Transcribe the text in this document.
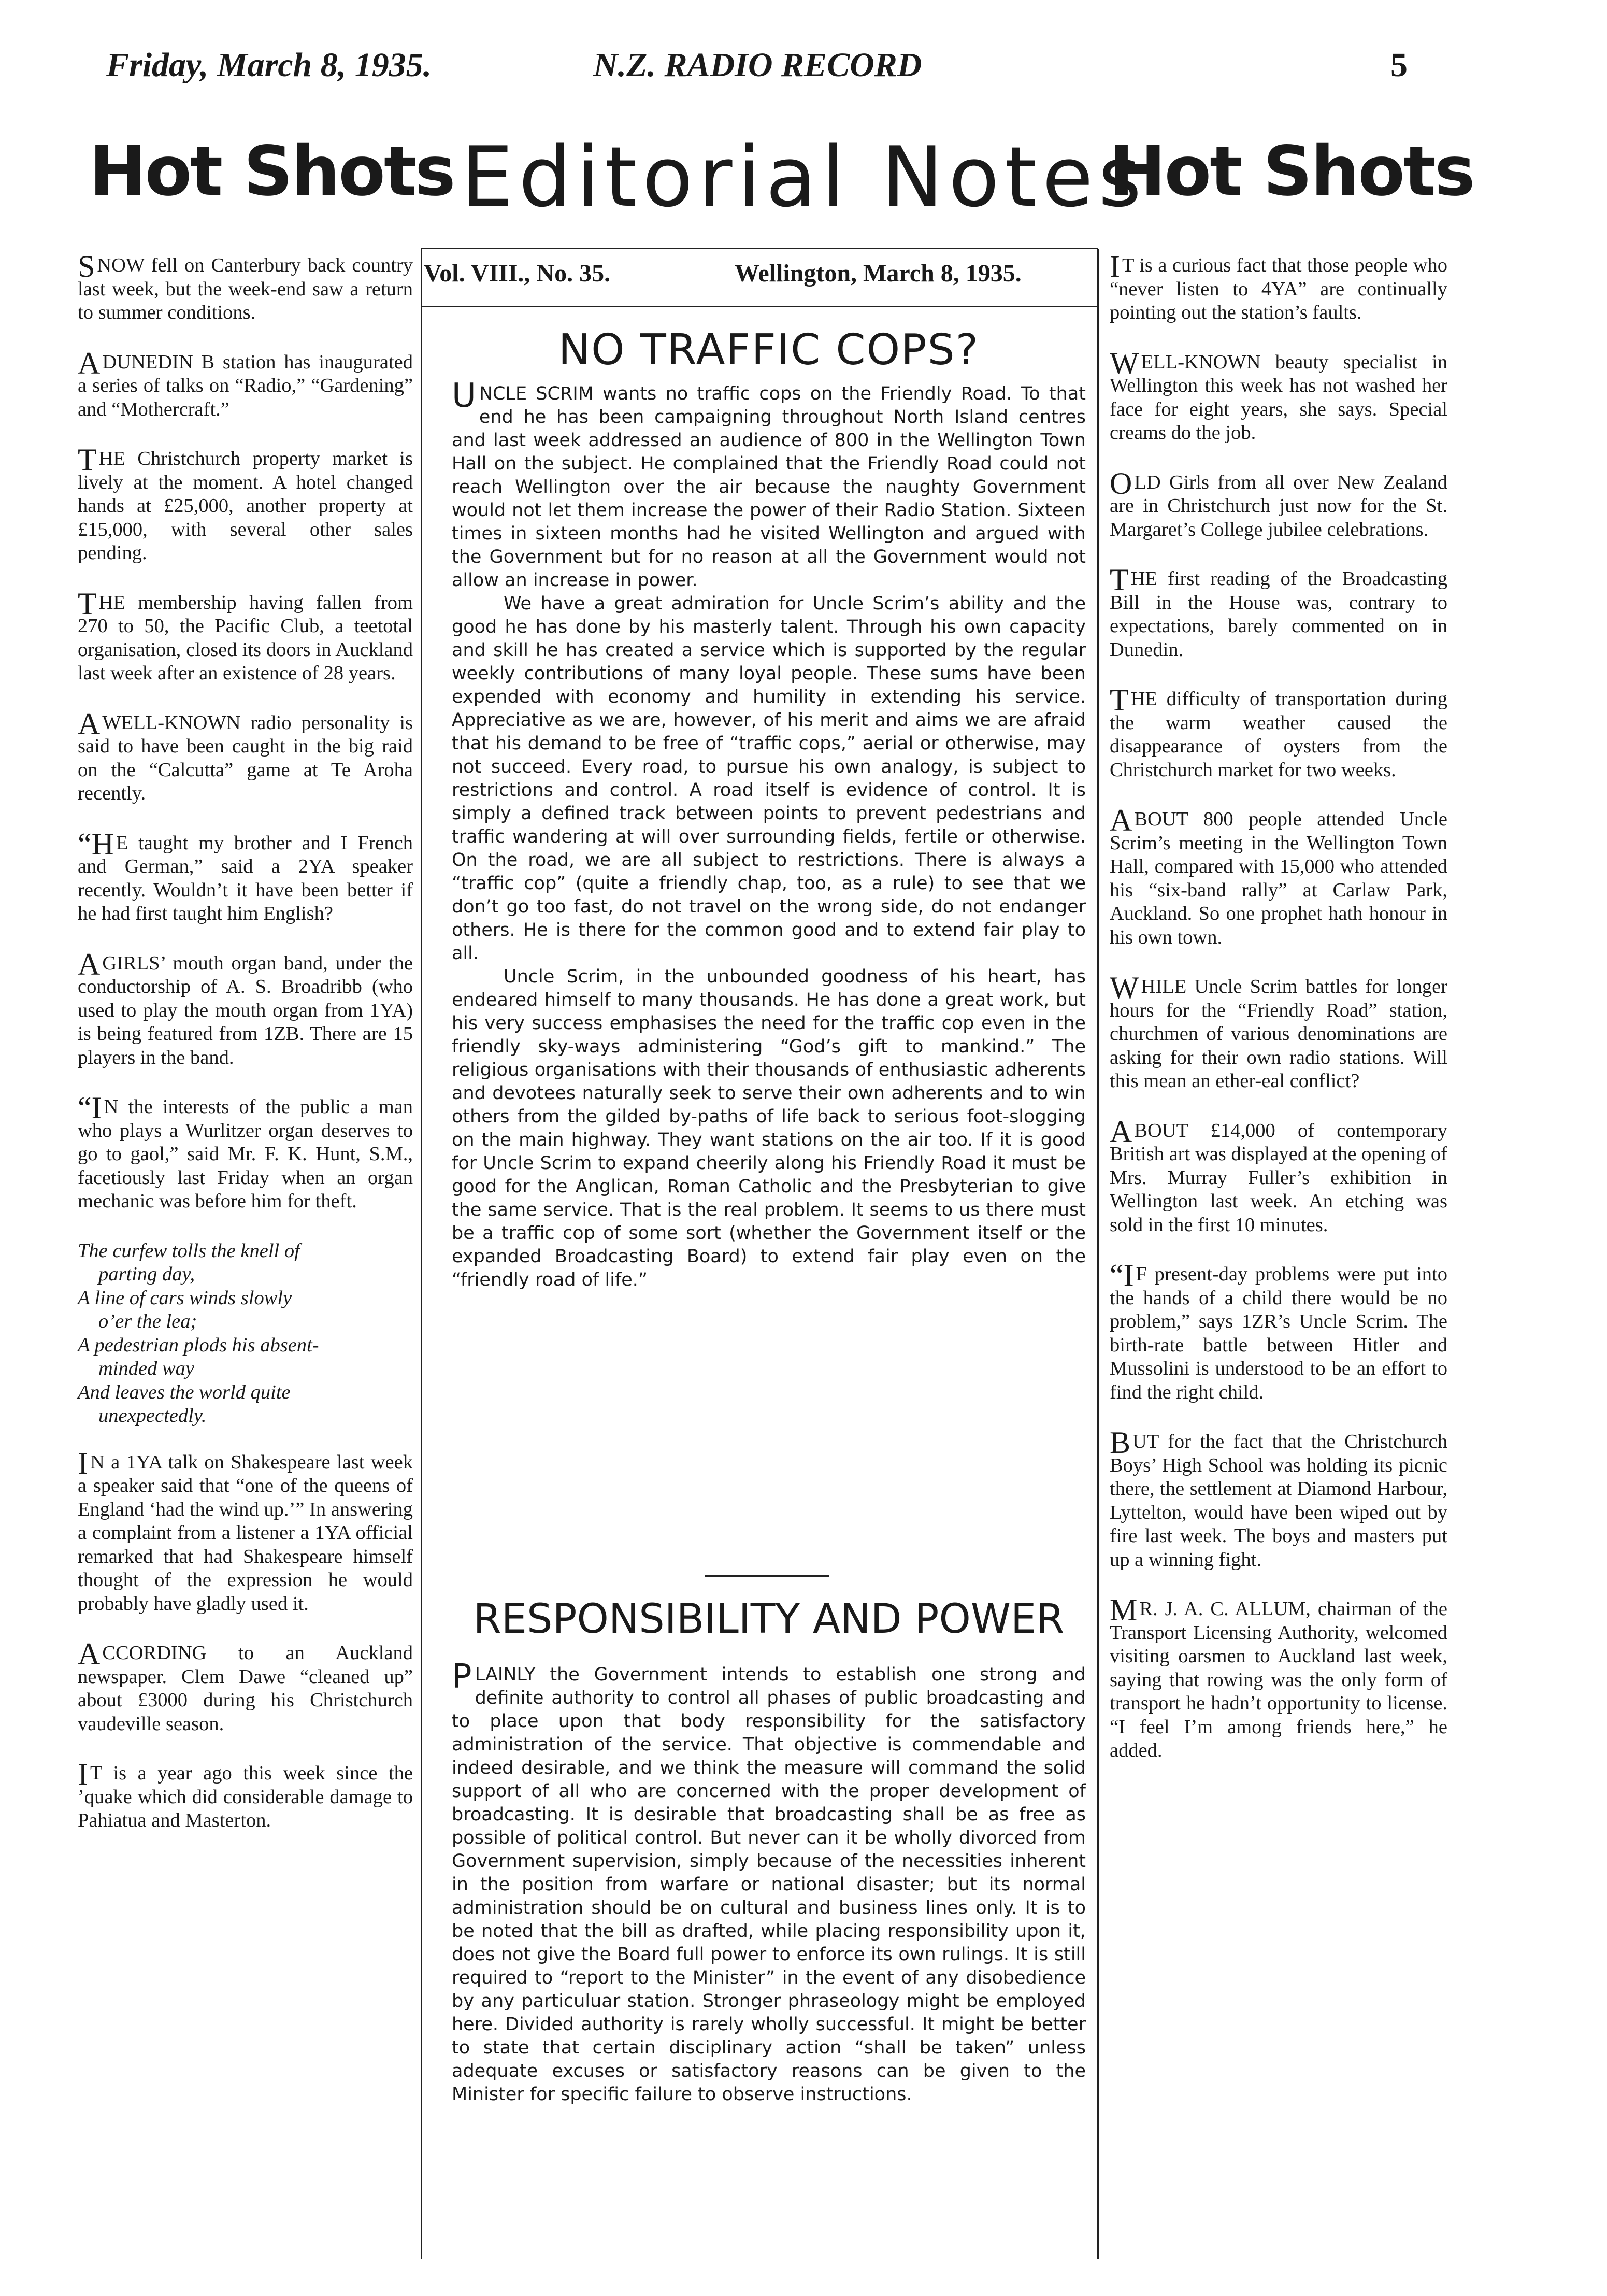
Friday, March 8, 1935.	N.Z. RADIO RECORD	5
Hot Shots Editorial Notes
Hot Shots
Vol. VIII., No. 35.	Wellington, March 8, 1935.
SNOW fell on Canterbury back country last week, but the week-end saw a return to summer conditions.
A DUNEDIN B station has inaugurated a series of talks on “Radio,” “Gardening” and “Mothercraft.”
THE Christchurch property market is lively at the moment. A hotel changed hands at £25,000, another property at £15,000, with several other sales pending.
THE membership having fallen from 270 to 50, the Pacific Club, a teetotal organisation, closed its doors in Auckland last week after an existence of 28 years.
A WELL-KNOWN radio personality is said to have been caught in the big raid on the “Calcutta” game at Te Aroha recently.
“H E taught my brother and I French and German,” said a 2YA speaker recently. Wouldn’t it have been better if he had first taught him English?
A GIRLS’ mouth organ band, under the conductorship of A. S. Broadribb (who used to play the mouth organ from 1YA) is being featured from 1ZB. There are 15 players in the band.
“I N the interests of the public a man who plays a Wurlitzer organ deserves to go to gaol,” said Mr. F. K. Hunt, S.M., facetiously last Friday when an organ mechanic was before him for theft.
The curfew tolls the knell of
parting day,
A line of cars winds slowly
o’er the lea;
A pedestrian plods his absent-
minded way
And leaves the world quite
unexpectedly.
I N a 1YA talk on Shakespeare last week a speaker said that “one of the queens of England ‘had the wind up.’” In answering a complaint from a listener a 1YA official remarked that had Shakespeare himself thought of the expression he would probably have gladly used it.
ACCORDING to an Auckland newspaper. Clem Dawe “cleaned up” about £3000 during his Christchurch vaudeville season.
I T is a year ago this week since the ’quake which did considerable damage to Pahiatua and Masterton.
I T is a curious fact that those people who “never listen to 4YA” are continually pointing out the station’s faults.
WELL-KNOWN beauty specialist in Wellington this week has not washed her face for eight years, she says. Special creams do the job.
OLD Girls from all over New Zealand are in Christchurch just now for the St. Margaret’s College jubilee celebrations.
THE first reading of the Broadcasting Bill in the House was, contrary to expectations, barely commented on in Dunedin.
THE difficulty of transportation during the warm weather caused the disappearance of oysters from the Christchurch market for two weeks.
ABOUT 800 people attended Uncle Scrim’s meeting in the Wellington Town Hall, compared with 15,000 who attended his “six-band rally” at Carlaw Park, Auckland. So one prophet hath honour in his own town.
WHILE Uncle Scrim battles for longer hours for the “Friendly Road” station, churchmen of various denominations are asking for their own radio stations. Will this mean an ether-eal conflict?
ABOUT £14,000 of contemporary British art was displayed at the opening of Mrs. Murray Fuller’s exhibition in Wellington last week. An etching was sold in the first 10 minutes.
“I F present-day problems were put into the hands of a child there would be no problem,” says 1ZR’s Uncle Scrim. The birth-rate battle between Hitler and Mussolini is understood to be an effort to find the right child.
BUT for the fact that the Christchurch Boys’ High School was holding its picnic there, the settlement at Diamond Harbour, Lyttelton, would have been wiped out by fire last week. The boys and masters put up a winning fight.
M R. J. A. C. ALLUM, chairman of the Transport Licensing Authority, welcomed visiting oarsmen to Auckland last week, saying that rowing was the only form of transport he hadn’t opportunity to license. “I feel I’m among friends here,” he added.
NO TRAFFIC COPS?

UNCLE SCRIM wants no traffic cops on the Friendly Road. To that end he has been campaigning throughout North Island centres and last week addressed an audience of 800 in the Wellington Town Hall on the subject. He complained that the Friendly Road could not reach Wellington over the air because the naughty Government would not let them increase the power of their Radio Station. Sixteen times in sixteen months had he visited Wellington and argued with the Government but for no reason at all the Government would not allow an increase in power.

We have a great admiration for Uncle Scrim’s ability and the good he has done by his masterly talent. Through his own capacity and skill he has created a service which is supported by the regular weekly contributions of many loyal people. These sums have been expended with economy and humility in extending his service. Appreciative as we are, however, of his merit and aims we are afraid that his demand to be free of “traffic cops,” aerial or otherwise, may not succeed. Every road, to pursue his own analogy, is subject to restrictions and control. A road itself is evidence of control. It is simply a defined track between points to prevent pedestrians and traffic wandering at will over surrounding fields, fertile or otherwise. On the road, we are all subject to restrictions. There is always a “traffic cop” (quite a friendly chap, too, as a rule) to see that we don’t go too fast, do not travel on the wrong side, do not endanger others. He is there for the common good and to extend fair play to all.

Uncle Scrim, in the unbounded goodness of his heart, has endeared himself to many thousands. He has done a great work, but his very success emphasises the need for the traffic cop even in the friendly sky-ways administering “God’s gift to mankind.” The religious organisations with their thousands of enthusiastic adherents and devotees naturally seek to serve their own adherents and to win others from the gilded by-paths of life back to serious foot-slogging on the main highway. They want stations on the air too. If it is good for Uncle Scrim to expand cheerily along his Friendly Road it must be good for the Anglican, Roman Catholic and the Presbyterian to give the same service. That is the real problem. It seems to us there must be a traffic cop of some sort (whether the Government itself or the expanded Broadcasting Board) to extend fair play even on the “friendly road of life.”

RESPONSIBILITY AND POWER

PLAINLY the Government intends to establish one strong and definite authority to control all phases of public broadcasting and to place upon that body responsibility for the satisfactory administration of the service. That objective is commendable and indeed desirable, and we think the measure will command the solid support of all who are concerned with the proper development of broadcasting. It is desirable that broadcasting shall be as free as possible of political control. But never can it be wholly divorced from Government supervision, simply because of the necessities inherent in the position from warfare or national disaster; but its normal administration should be on cultural and business lines only. It is to be noted that the bill as drafted, while placing responsibility upon it, does not give the Board full power to enforce its own rulings. It is still required to “report to the Minister” in the event of any disobedience by any particuluar station. Stronger phraseology might be employed here. Divided authority is rarely wholly successful. It might be better to state that certain disciplinary action “shall be taken” unless adequate excuses or satisfactory reasons can be given to the Minister for specific failure to observe instructions.
